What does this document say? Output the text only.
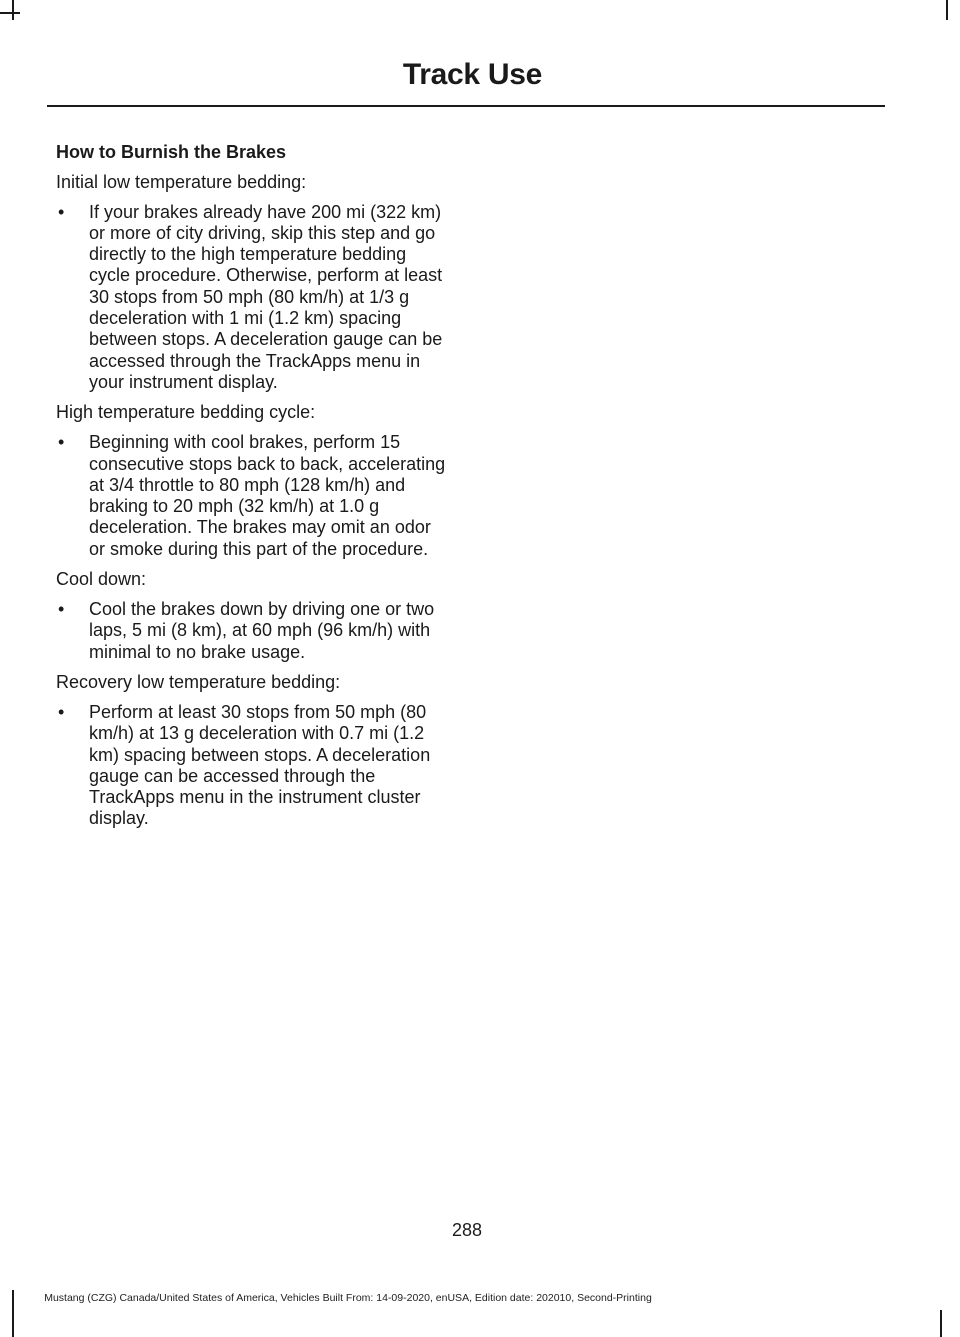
Track Use
How to Burnish the Brakes

Initial low temperature bedding:

• If your brakes already have 200 mi (322 km) or more of city driving, skip this step and go directly to the high temperature bedding cycle procedure. Otherwise, perform at least 30 stops from 50 mph (80 km/h) at 1/3 g deceleration with 1 mi (1.2 km) spacing between stops. A deceleration gauge can be accessed through the TrackApps menu in your instrument display.

High temperature bedding cycle:

• Beginning with cool brakes, perform 15 consecutive stops back to back, accelerating at 3/4 throttle to 80 mph (128 km/h) and braking to 20 mph (32 km/h) at 1.0 g deceleration. The brakes may omit an odor or smoke during this part of the procedure.

Cool down:

• Cool the brakes down by driving one or two laps, 5 mi (8 km), at 60 mph (96 km/h) with minimal to no brake usage.

Recovery low temperature bedding:

• Perform at least 30 stops from 50 mph (80 km/h) at 13 g deceleration with 0.7 mi (1.2 km) spacing between stops. A deceleration gauge can be accessed through the TrackApps menu in the instrument cluster display.
288
Mustang (CZG) Canada/United States of America, Vehicles Built From: 14-09-2020, enUSA, Edition date: 202010, Second-Printing
